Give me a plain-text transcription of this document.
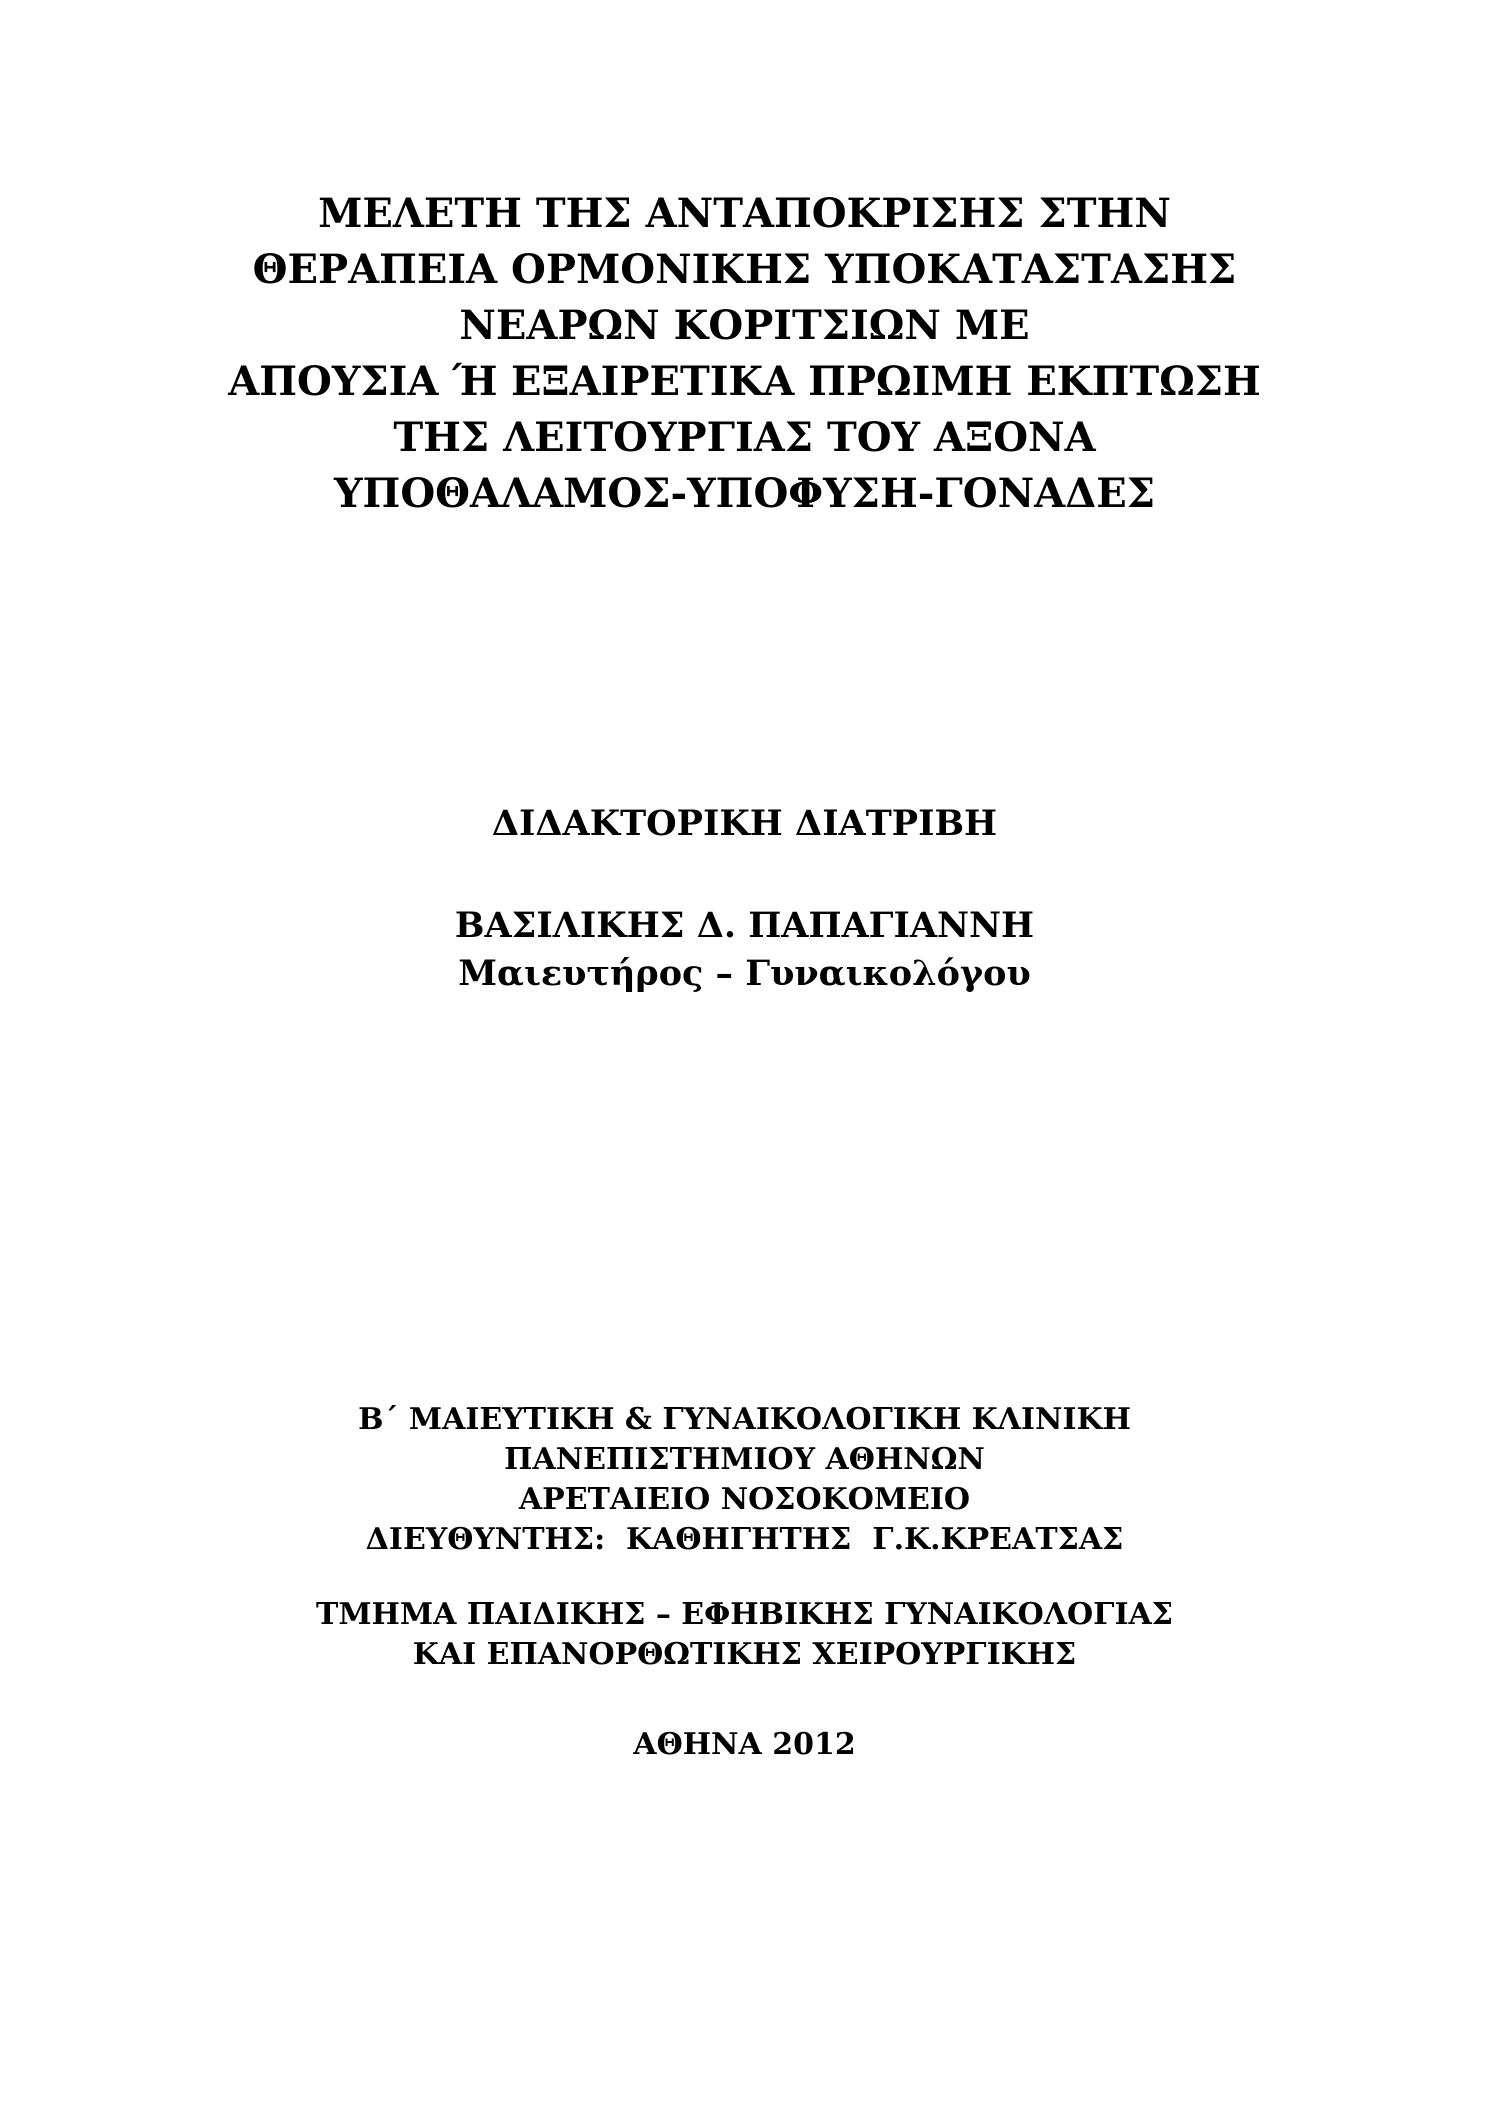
ΜΕΛΕΤΗ ΤΗΣ ΑΝΤΑΠΟΚΡΙΣΗΣ ΣΤΗΝ
ΘΕΡΑΠΕΙΑ ΟΡΜΟΝΙΚΗΣ ΥΠΟΚΑΤΑΣΤΑΣΗΣ
ΝΕΑΡΩΝ ΚΟΡΙΤΣΙΩΝ ΜΕ
ΑΠΟΥΣΙΑ Ή ΕΞΑΙΡΕΤΙΚΑ ΠΡΩΙΜΗ ΕΚΠΤΩΣΗ
ΤΗΣ ΛΕΙΤΟΥΡΓΙΑΣ ΤΟΥ ΑΞΟΝΑ
ΥΠΟΘΑΛΑΜΟΣ-ΥΠΟΦΥΣΗ-ΓΟΝΑΔΕΣ
ΔΙΔΑΚΤΟΡΙΚΗ ΔΙΑΤΡΙΒΗ
ΒΑΣΙΛΙΚΗΣ Δ. ΠΑΠΑΓΙΑΝΝΗ
Μαιευτήρος – Γυναικολόγου
Β΄ ΜΑΙΕΥΤΙΚΗ & ΓΥΝΑΙΚΟΛΟΓΙΚΗ ΚΛΙΝΙΚΗ
ΠΑΝΕΠΙΣΤΗΜΙΟΥ ΑΘΗΝΩΝ
ΑΡΕΤΑΙΕΙΟ ΝΟΣΟΚΟΜΕΙΟ
ΔΙΕΥΘΥΝΤΗΣ:  ΚΑΘΗΓΗΤΗΣ  Γ.Κ.ΚΡΕΑΤΣΑΣ
ΤΜΗΜΑ ΠΑΙΔΙΚΗΣ – ΕΦΗΒΙΚΗΣ ΓΥΝΑΙΚΟΛΟΓΙΑΣ
ΚΑΙ ΕΠΑΝΟΡΘΩΤΙΚΗΣ ΧΕΙΡΟΥΡΓΙΚΗΣ
ΑΘΗΝΑ 2012
